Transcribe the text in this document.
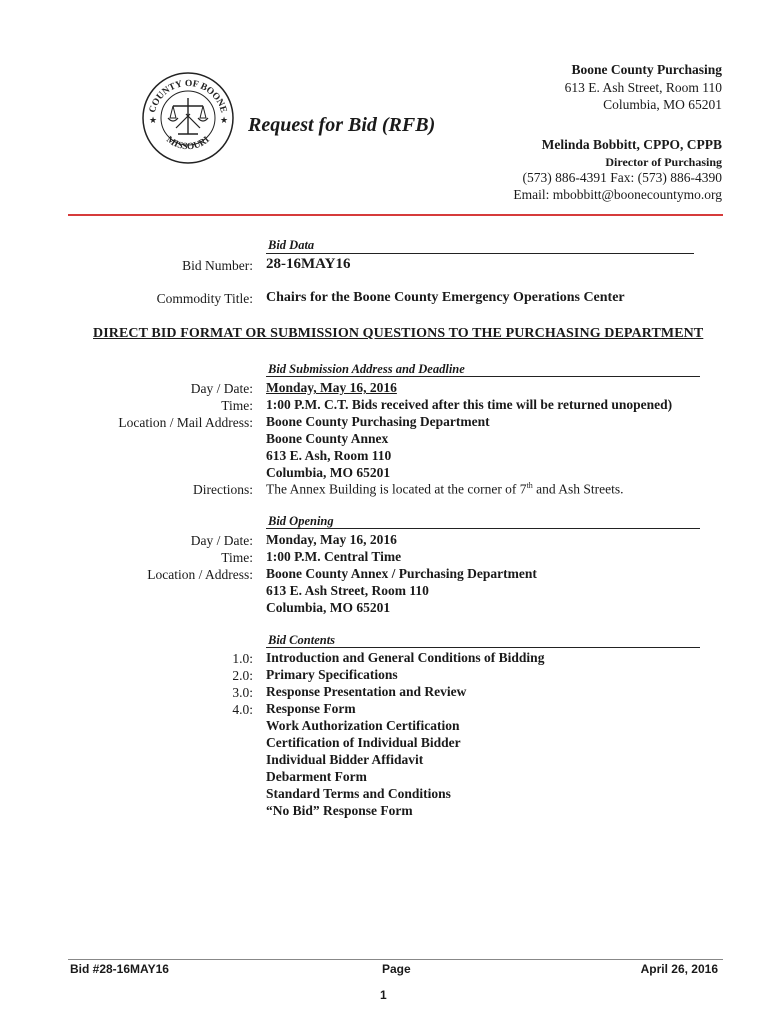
COUNTY OF BOONE
MISSOURI
★	★ Request for Bid (RFB)
Boone County Purchasing
613 E. Ash Street, Room 110
Columbia, MO 65201
Melinda Bobbitt, CPPO, CPPB
Director of Purchasing
(573) 886-4391 Fax: (573) 886-4390
Email: mbobbitt@boonecountymo.org
Bid Data
Bid Number: 28-16MAY16
Commodity Title: Chairs for the Boone County Emergency Operations Center
DIRECT BID FORMAT OR SUBMISSION QUESTIONS TO THE PURCHASING DEPARTMENT
Bid Submission Address and Deadline
Day / Date: Monday, May 16, 2016
Time: 1:00 P.M. C.T. Bids received after this time will be returned unopened)
Location / Mail Address: Boone County Purchasing Department
Boone County Annex
613 E. Ash, Room 110
Columbia, MO 65201
Directions: The Annex Building is located at the corner of 7th and Ash Streets.
Bid Opening
Day / Date: Monday, May 16, 2016
Time: 1:00 P.M. Central Time
Location / Address: Boone County Annex / Purchasing Department
613 E. Ash Street, Room 110
Columbia, MO 65201
Bid Contents
1.0: Introduction and General Conditions of Bidding
2.0: Primary Specifications
3.0: Response Presentation and Review
4.0: Response Form
Work Authorization Certification
Certification of Individual Bidder
Individual Bidder Affidavit
Debarment Form
Standard Terms and Conditions
“No Bid” Response Form
Bid #28-16MAY16	Page	April 26, 2016
1
